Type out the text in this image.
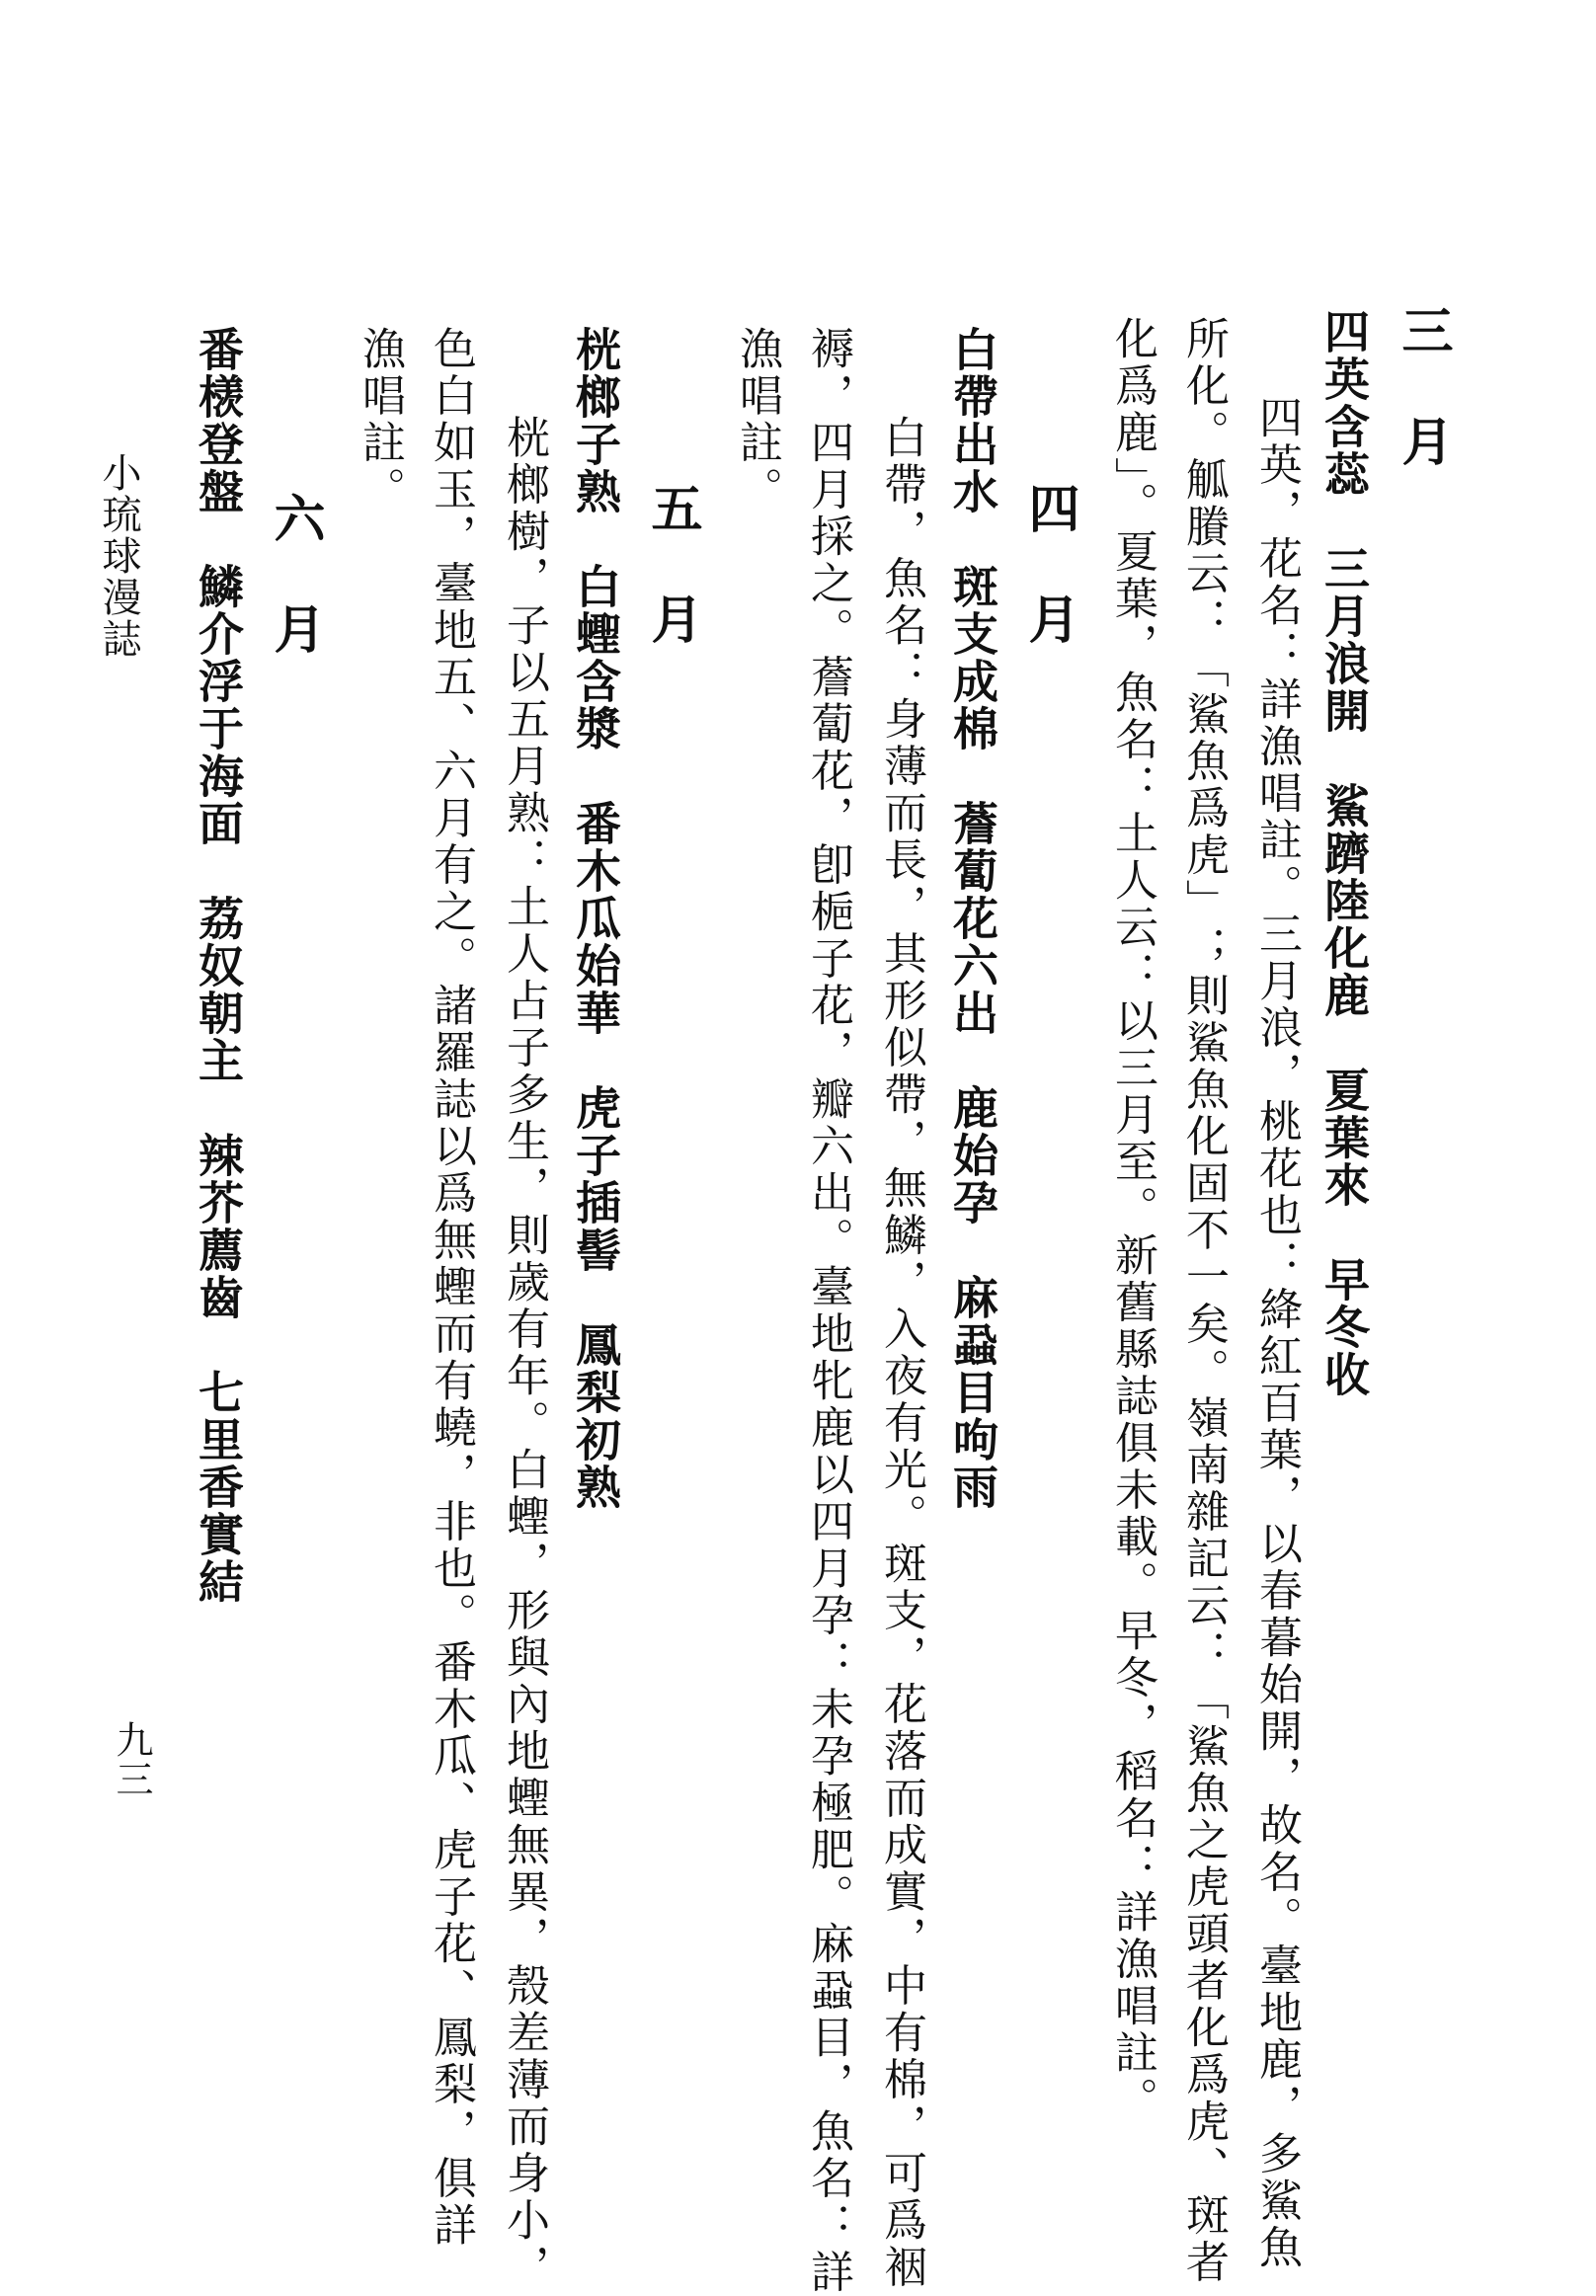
三月
四英含蕊　三月浪開　鯊躋陸化鹿　夏葉來　早冬收
四英，花名：詳漁唱註。三月浪，桃花也：絳紅百葉，以春暮始開，故名。臺地鹿，多鯊魚
所化。觚賸云：「鯊魚爲虎」；則鯊魚化固不一矣。嶺南雜記云：「鯊魚之虎頭者化爲虎、斑者
化爲鹿」。夏葉，魚名：土人云：以三月至。新舊縣誌俱未載。早冬，稻名：詳漁唱註。
四月
白帶出水　斑支成棉　薝蔔花六出　鹿始孕　麻蝨目呴雨
白帶，魚名：身薄而長，其形似帶，無鱗，入夜有光。斑支，花落而成實，中有棉，可爲裀
褥，四月採之。薝蔔花，卽梔子花，瓣六出。臺地牝鹿以四月孕：未孕極肥。麻蝨目，魚名：詳
漁唱註。
五月
桄榔子熟　白蟶含漿　番木瓜始華　虎子插髻　鳳梨初熟
桄榔樹，子以五月熟：土人占子多生，則歲有年。白蟶，形與內地蟶無異，殼差薄而身小，
色白如玉，臺地五、六月有之。諸羅誌以爲無蟶而有蟯，非也。番木瓜、虎子花、鳳梨，俱詳
漁唱註。
六月
番檨登盤　鱗介浮于海面　荔奴朝主　辣芥薦齒　七里香實結
小琉球漫誌
九三
